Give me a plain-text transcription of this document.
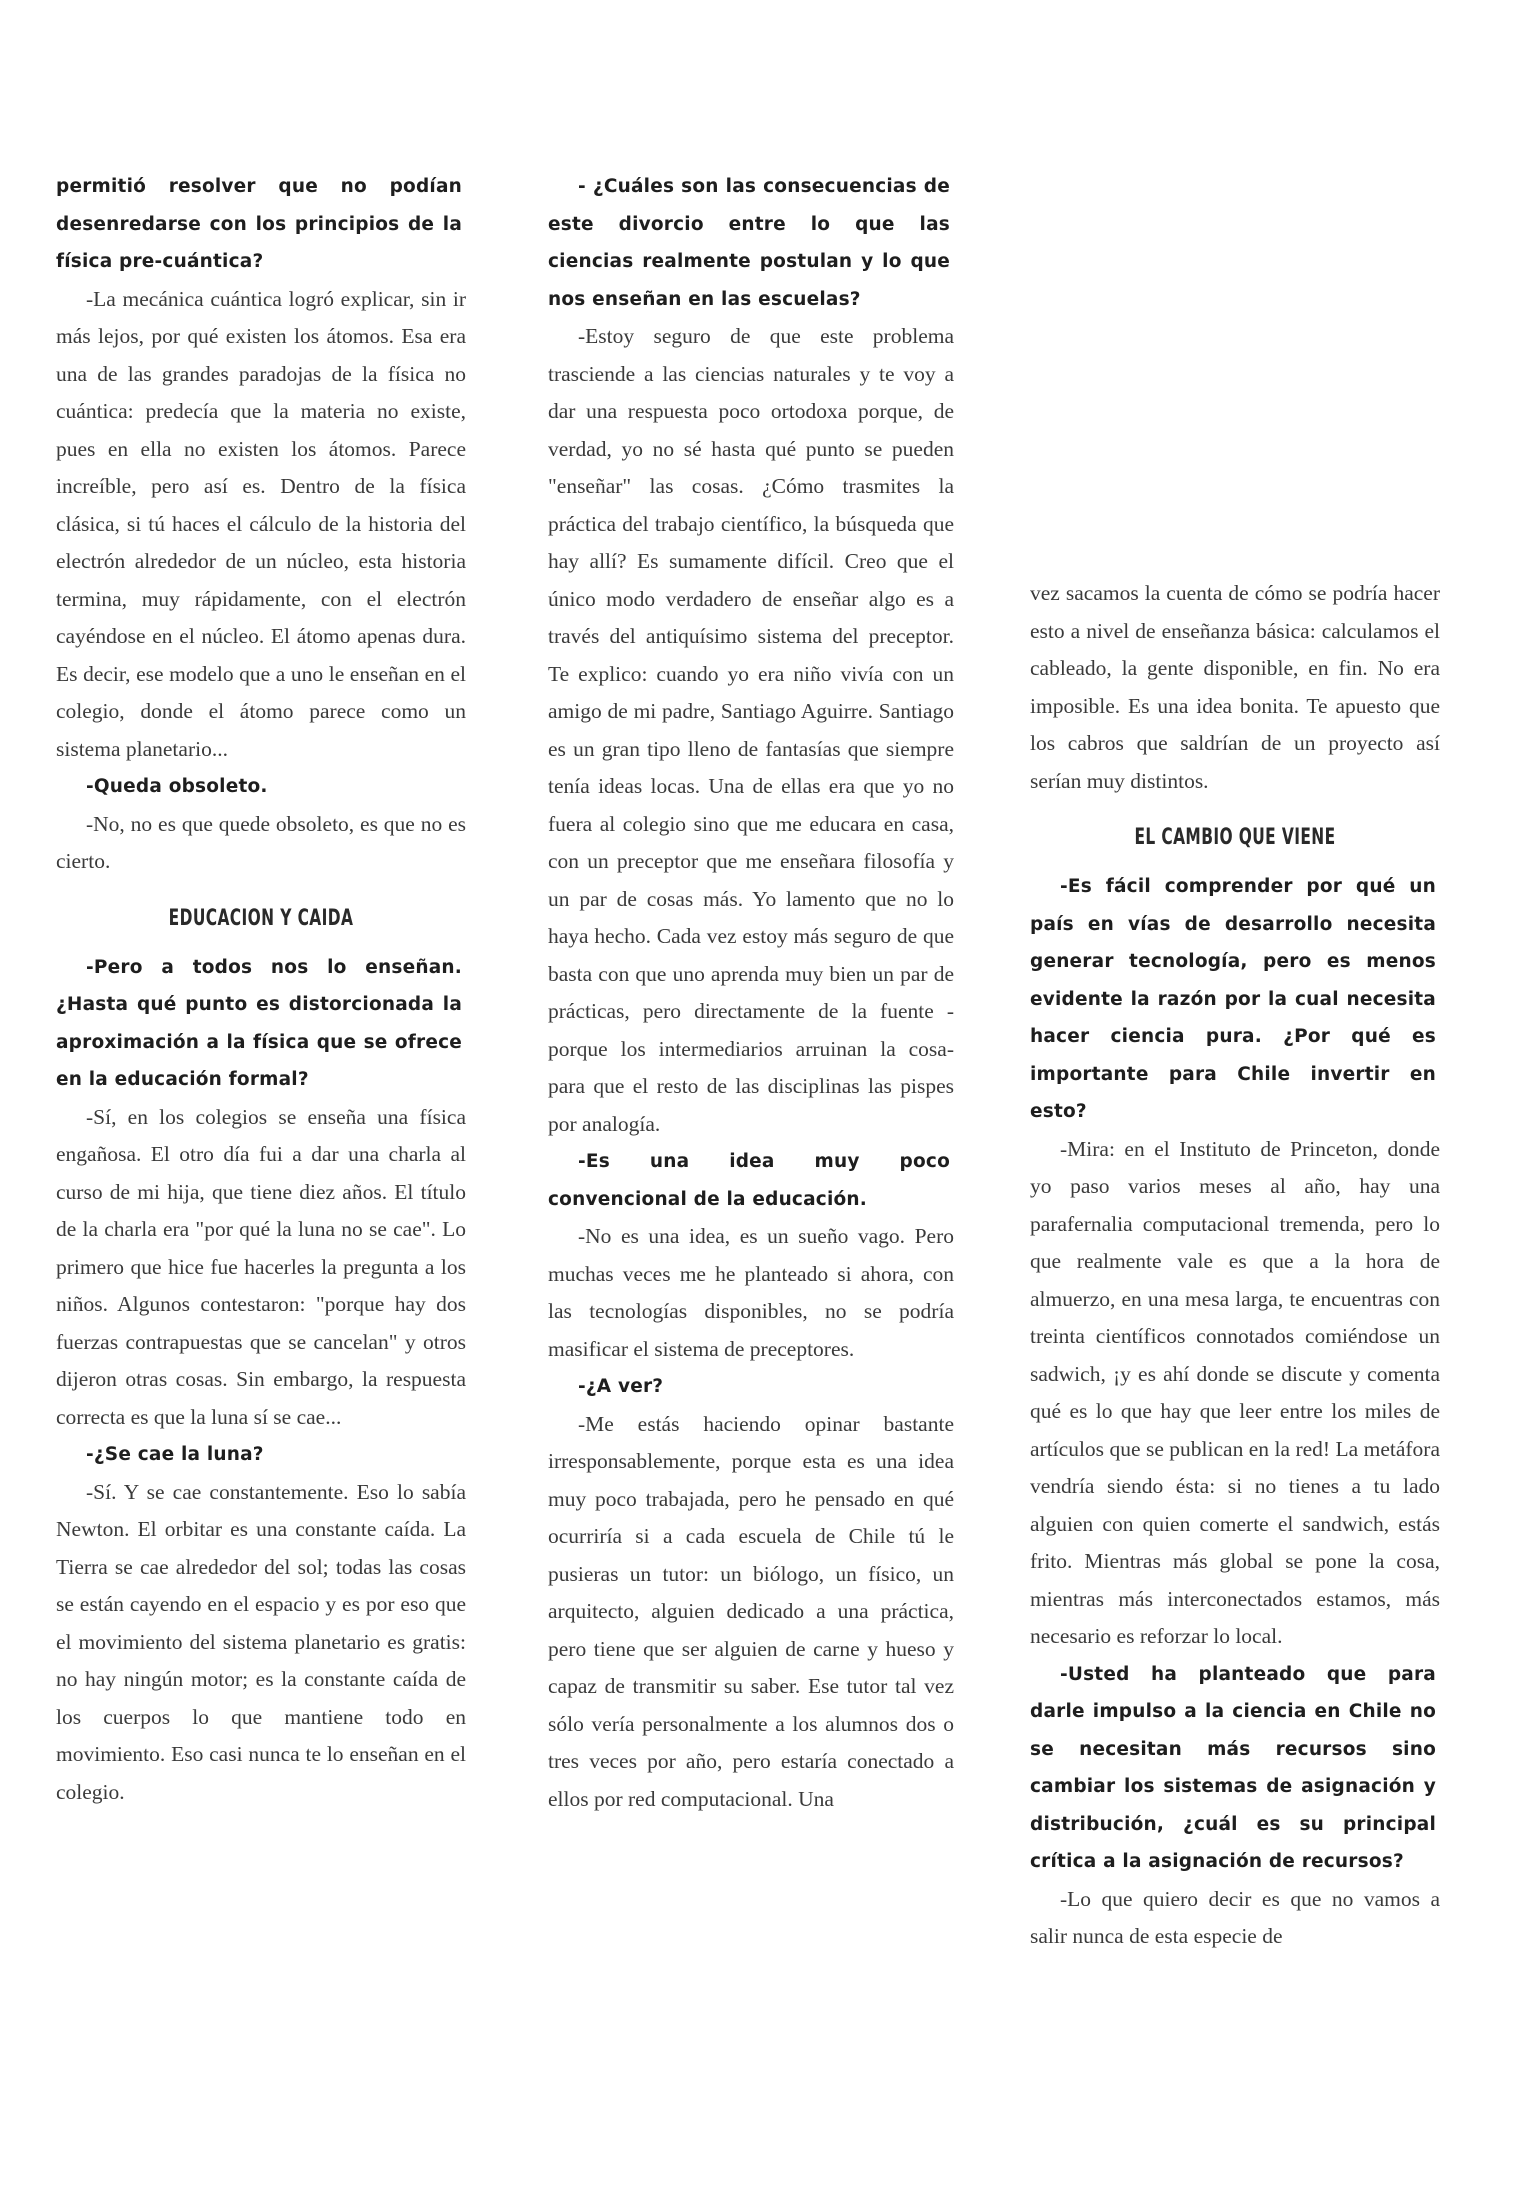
permitió resolver que no podían desenredarse con los principios de la física pre-cuántica?

-La mecánica cuántica logró explicar, sin ir más lejos, por qué existen los átomos. Esa era una de las grandes paradojas de la física no cuántica: predecía que la materia no existe, pues en ella no existen los átomos. Parece increíble, pero así es. Dentro de la física clásica, si tú haces el cálculo de la historia del electrón alrededor de un núcleo, esta historia termina, muy rápidamente, con el electrón cayéndose en el núcleo. El átomo apenas dura. Es decir, ese modelo que a uno le enseñan en el colegio, donde el átomo parece como un sistema planetario...

-Queda obsoleto.

-No, no es que quede obsoleto, es que no es cierto.

EDUCACION Y CAIDA

-Pero a todos nos lo enseñan. ¿Hasta qué punto es distorcionada la aproximación a la física que se ofrece en la educación formal?

-Sí, en los colegios se enseña una física engañosa. El otro día fui a dar una charla al curso de mi hija, que tiene diez años. El título de la charla era "por qué la luna no se cae". Lo primero que hice fue hacerles la pregunta a los niños. Algunos contestaron: "porque hay dos fuerzas contrapuestas que se cancelan" y otros dijeron otras cosas. Sin embargo, la respuesta correcta es que la luna sí se cae...

-¿Se cae la luna?

-Sí. Y se cae constantemente. Eso lo sabía Newton. El orbitar es una constante caída. La Tierra se cae alrededor del sol; todas las cosas se están cayendo en el espacio y es por eso que el movimiento del sistema planetario es gratis: no hay ningún motor; es la constante caída de los cuerpos lo que mantiene todo en movimiento. Eso casi nunca te lo enseñan en el colegio.

- ¿Cuáles son las consecuencias de este divorcio entre lo que las ciencias realmente postulan y lo que nos enseñan en las escuelas?

-Estoy seguro de que este problema trasciende a las ciencias naturales y te voy a dar una respuesta poco ortodoxa porque, de verdad, yo no sé hasta qué punto se pueden "enseñar" las cosas. ¿Cómo trasmites la práctica del trabajo científico, la búsqueda que hay allí? Es sumamente difícil. Creo que el único modo verdadero de enseñar algo es a través del antiquísimo sistema del preceptor. Te explico: cuando yo era niño vivía con un amigo de mi padre, Santiago Aguirre. Santiago es un gran tipo lleno de fantasías que siempre tenía ideas locas. Una de ellas era que yo no fuera al colegio sino que me educara en casa, con un preceptor que me enseñara filosofía y un par de cosas más. Yo lamento que no lo haya hecho. Cada vez estoy más seguro de que basta con que uno aprenda muy bien un par de prácticas, pero directamente de la fuente -porque los intermediarios arruinan la cosa- para que el resto de las disciplinas las pispes por analogía.

-Es una idea muy poco convencional de la educación.

-No es una idea, es un sueño vago. Pero muchas veces me he planteado si ahora, con las tecnologías disponibles, no se podría masificar el sistema de preceptores.

-¿A ver?

-Me estás haciendo opinar bastante irresponsablemente, porque esta es una idea muy poco trabajada, pero he pensado en qué ocurriría si a cada escuela de Chile tú le pusieras un tutor: un biólogo, un físico, un arquitecto, alguien dedicado a una práctica, pero tiene que ser alguien de carne y hueso y capaz de transmitir su saber. Ese tutor tal vez sólo vería personalmente a los alumnos dos o tres veces por año, pero estaría conectado a ellos por red computacional. Una

vez sacamos la cuenta de cómo se podría hacer esto a nivel de enseñanza básica: calculamos el cableado, la gente disponible, en fin. No era imposible. Es una idea bonita. Te apuesto que los cabros que saldrían de un proyecto así serían muy distintos.

EL CAMBIO QUE VIENE

-Es fácil comprender por qué un país en vías de desarrollo necesita generar tecnología, pero es menos evidente la razón por la cual necesita hacer ciencia pura. ¿Por qué es importante para Chile invertir en esto?

-Mira: en el Instituto de Princeton, donde yo paso varios meses al año, hay una parafernalia computacional tremenda, pero lo que realmente vale es que a la hora de almuerzo, en una mesa larga, te encuentras con treinta científicos connotados comiéndose un sadwich, ¡y es ahí donde se discute y comenta qué es lo que hay que leer entre los miles de artículos que se publican en la red! La metáfora vendría siendo ésta: si no tienes a tu lado alguien con quien comerte el sandwich, estás frito. Mientras más global se pone la cosa, mientras más interconectados estamos, más necesario es reforzar lo local.

-Usted ha planteado que para darle impulso a la ciencia en Chile no se necesitan más recursos sino cambiar los sistemas de asignación y distribución, ¿cuál es su principal crítica a la asignación de recursos?

-Lo que quiero decir es que no vamos a salir nunca de esta especie de
